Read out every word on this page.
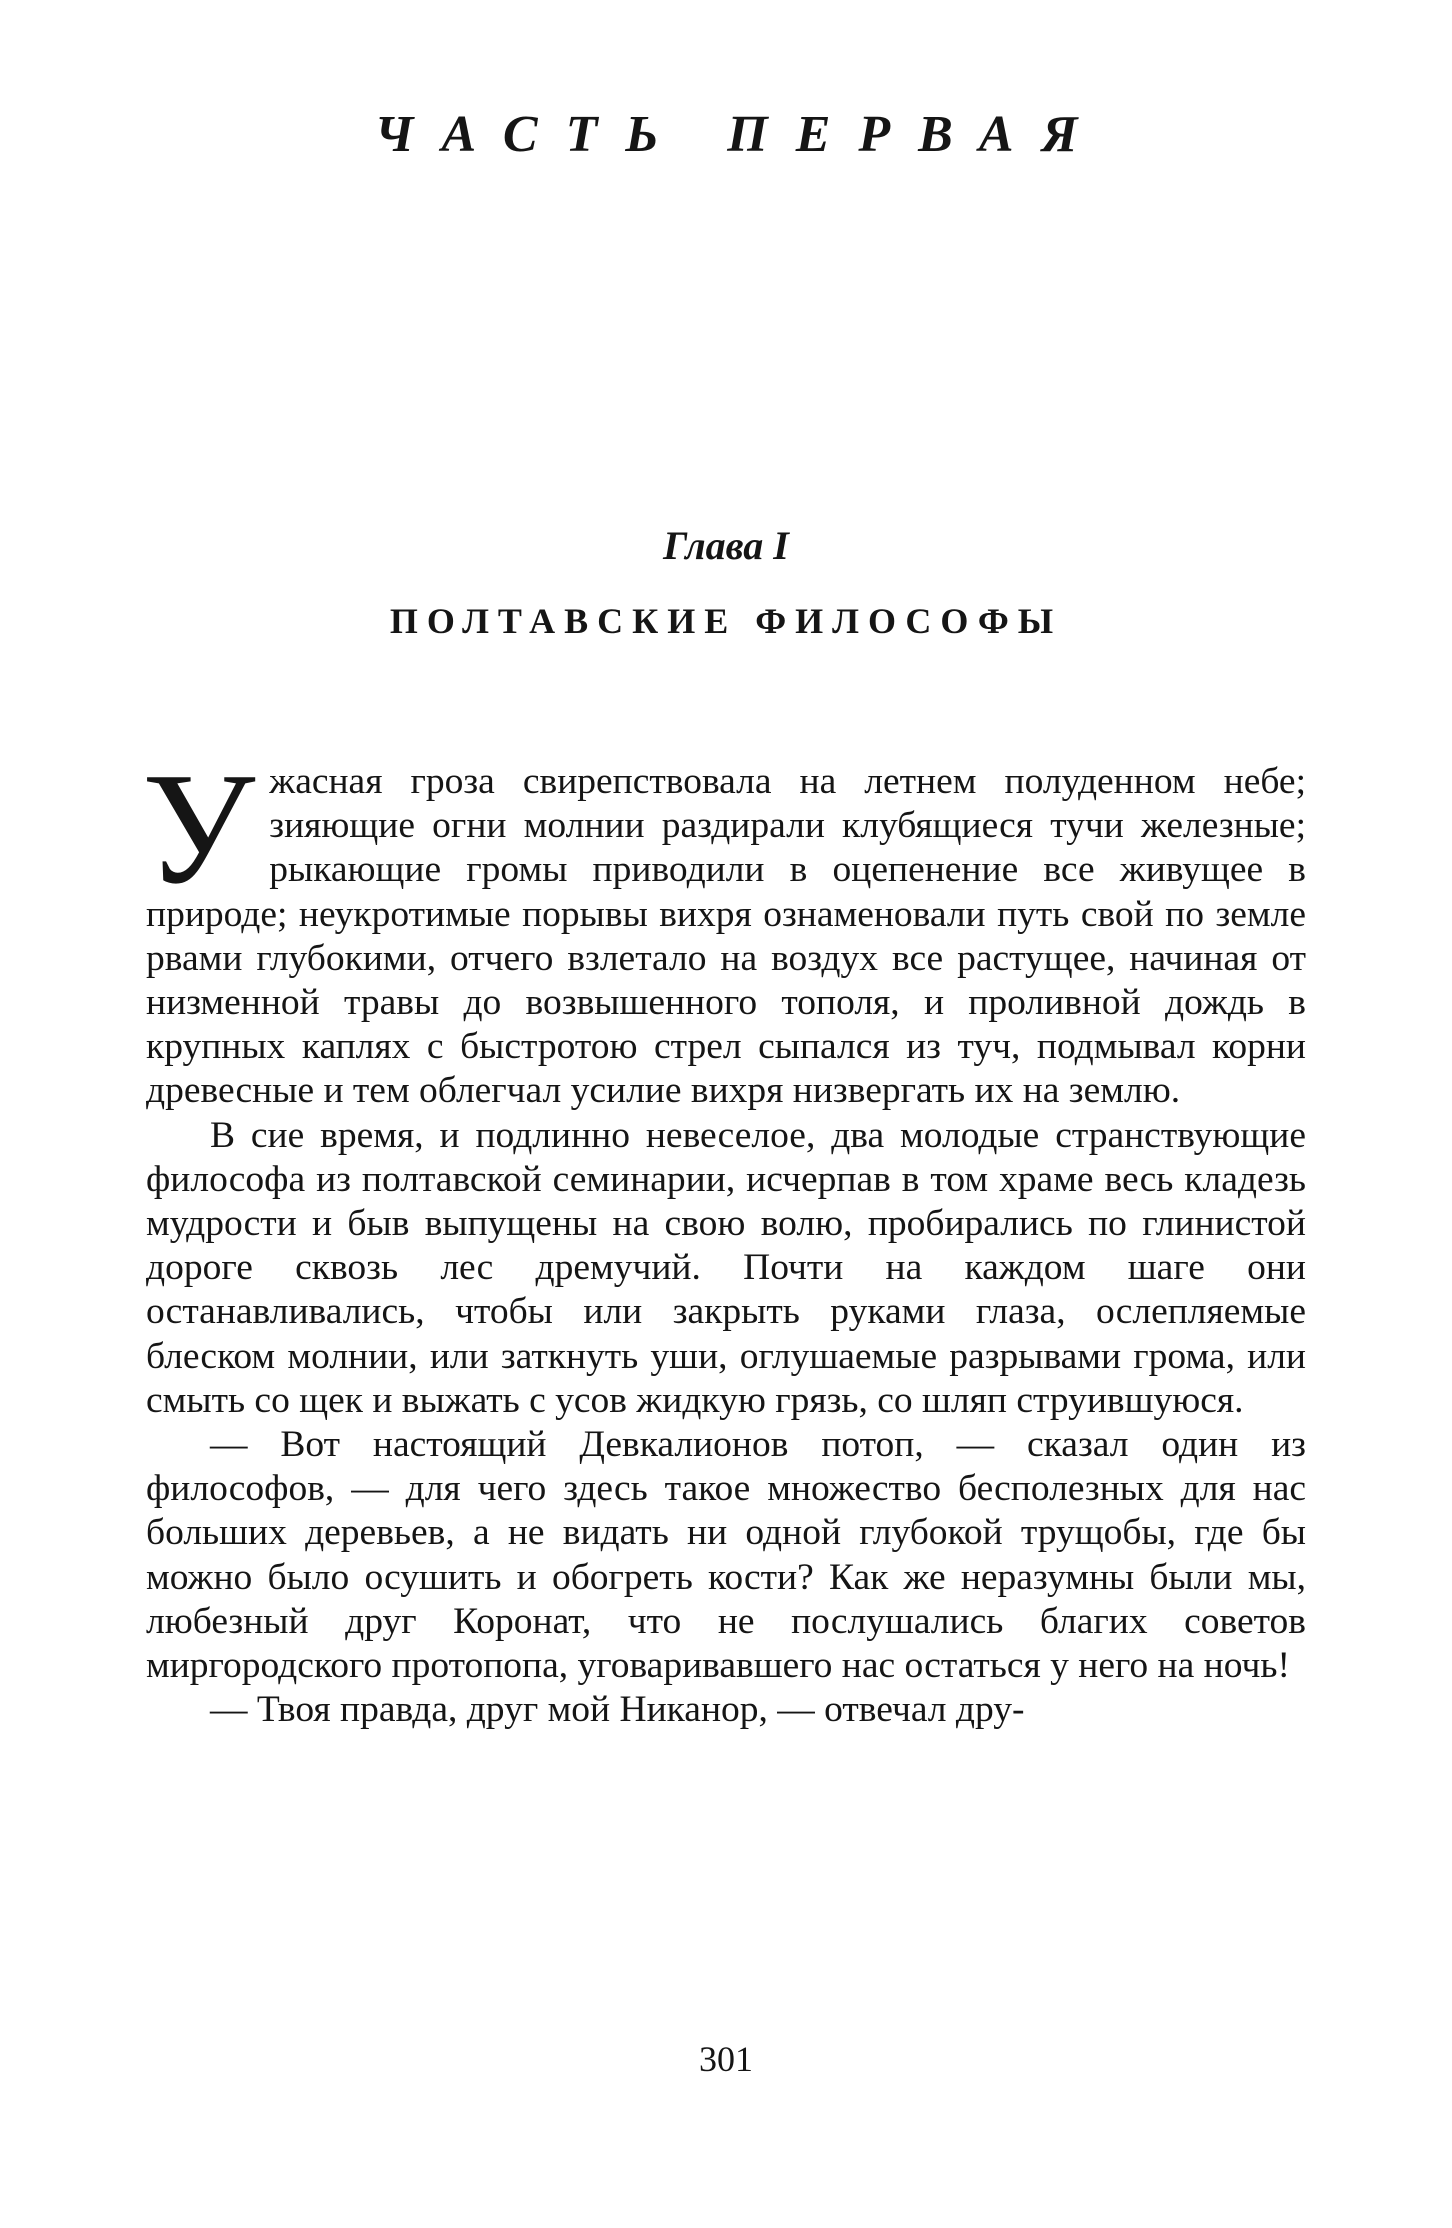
ЧАСТЬ ПЕРВАЯ
Глава I
ПОЛТАВСКИЕ ФИЛОСОФЫ

Ужасная гроза свирепствовала на летнем полуденном небе; зияющие огни молнии раздирали клубящиеся тучи железные; рыкающие громы приводили в оцепенение все живущее в природе; неукротимые порывы вихря ознаменовали путь свой по земле рвами глубокими, отчего взлетало на воздух все растущее, начиная от низменной травы до возвышенного тополя, и проливной дождь в крупных каплях с быстротою стрел сыпался из туч, подмывал корни древесные и тем облегчал усилие вихря низвергать их на землю.

В сие время, и подлинно невеселое, два молодые странствующие философа из полтавской семинарии, исчерпав в том храме весь кладезь мудрости и быв выпущены на свою волю, пробирались по глинистой дороге сквозь лес дремучий. Почти на каждом шаге они останавливались, чтобы или закрыть руками глаза, ослепляемые блеском молнии, или заткнуть уши, оглушаемые разрывами грома, или смыть со щек и выжать с усов жидкую грязь, со шляп струившуюся.

— Вот настоящий Девкалионов потоп, — сказал один из философов, — для чего здесь такое множество бесполезных для нас больших деревьев, а не видать ни одной глубокой трущобы, где бы можно было осушить и обогреть кости? Как же неразумны были мы, любезный друг Коронат, что не послушались благих советов миргородского протопопа, уговаривавшего нас остаться у него на ночь!

— Твоя правда, друг мой Никанор, — отвечал дру-

301
